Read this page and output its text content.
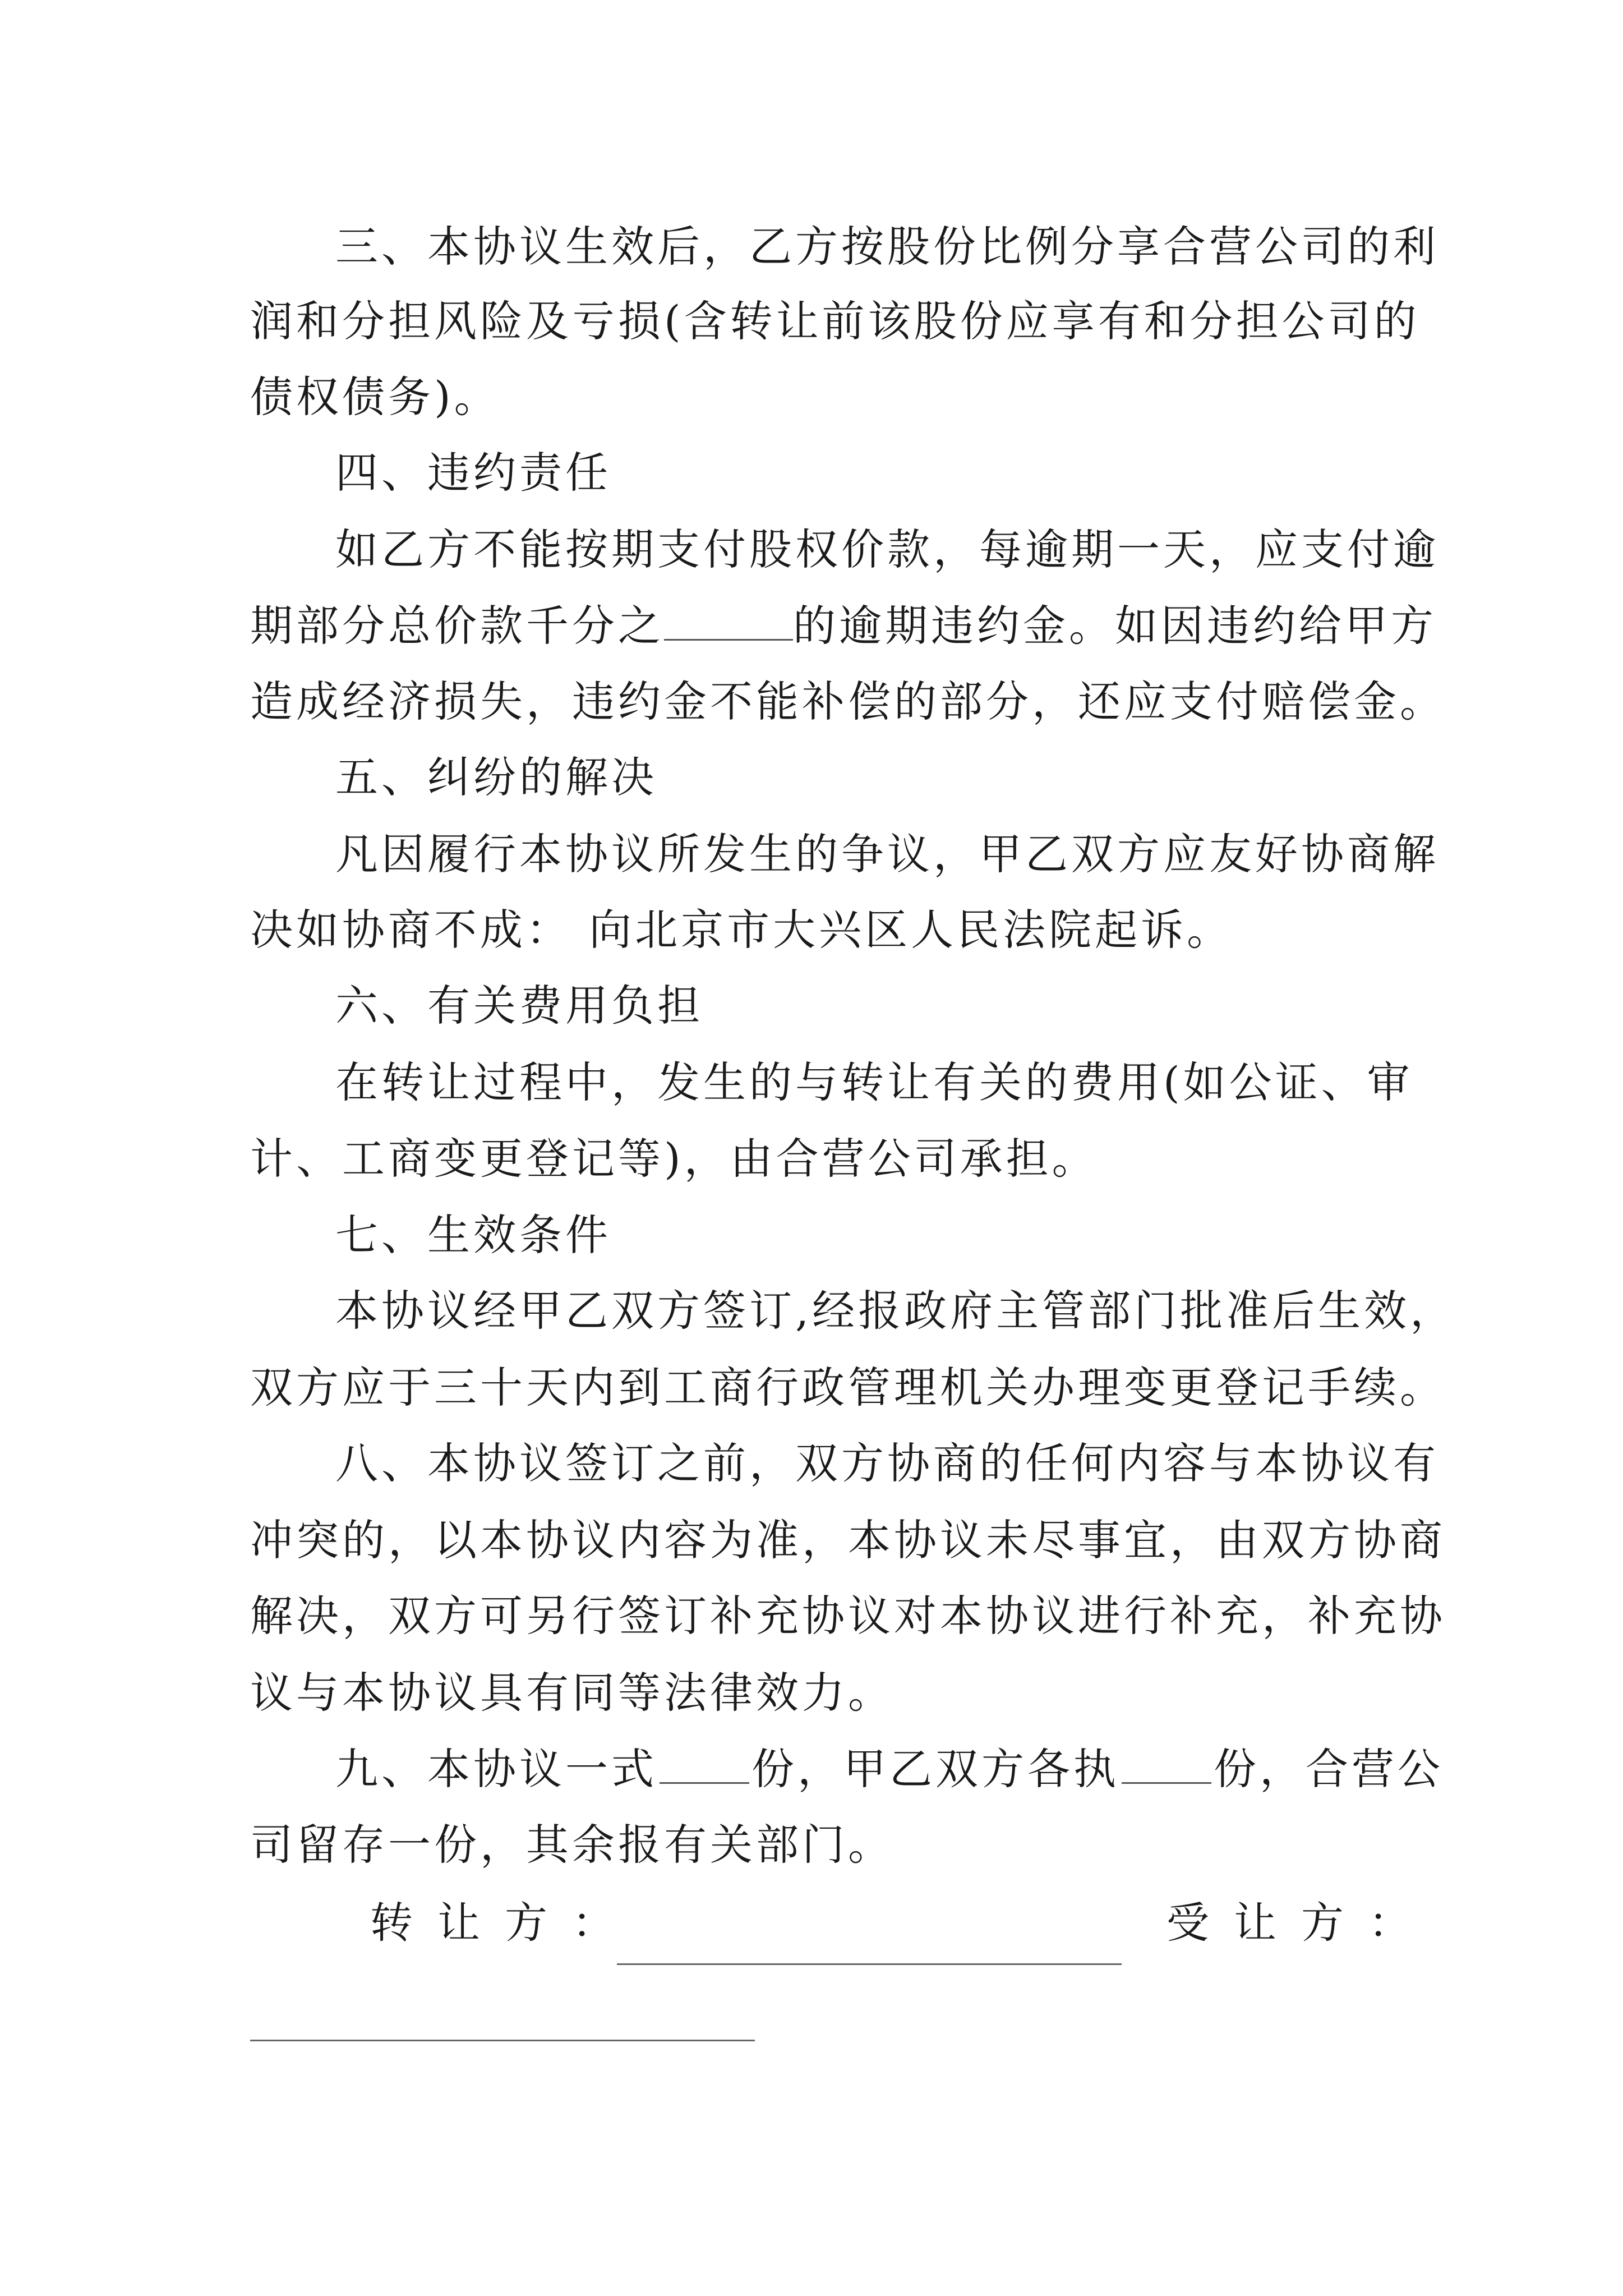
三、本协议生效后，乙方按股份比例分享合营公司的利
润和分担风险及亏损(含转让前该股份应享有和分担公司的
债权债务)。
四、违约责任
如乙方不能按期支付股权价款，每逾期一天，应支付逾
期部分总价款千分之	的逾期违约金。如因违约给甲方
造成经济损失，违约金不能补偿的部分，还应支付赔偿金。
五、纠纷的解决
凡因履行本协议所发生的争议，甲乙双方应友好协商解
决如协商不成： 向北京市大兴区人民法院起诉。
六、有关费用负担
在转让过程中，发生的与转让有关的费用(如公证、审
计、工商变更登记等)，由合营公司承担。
七、生效条件
本协议经甲乙双方签订,经报政府主管部门批准后生效，
双方应于三十天内到工商行政管理机关办理变更登记手续。
八、本协议签订之前，双方协商的任何内容与本协议有
冲突的，以本协议内容为准，本协议未尽事宜，由双方协商
解决，双方可另行签订补充协议对本协议进行补充，补充协
议与本协议具有同等法律效力。
九、本协议一式 份，甲乙双方各执 份，合营公
司留存一份，其余报有关部门。
转让方：	受让方：
